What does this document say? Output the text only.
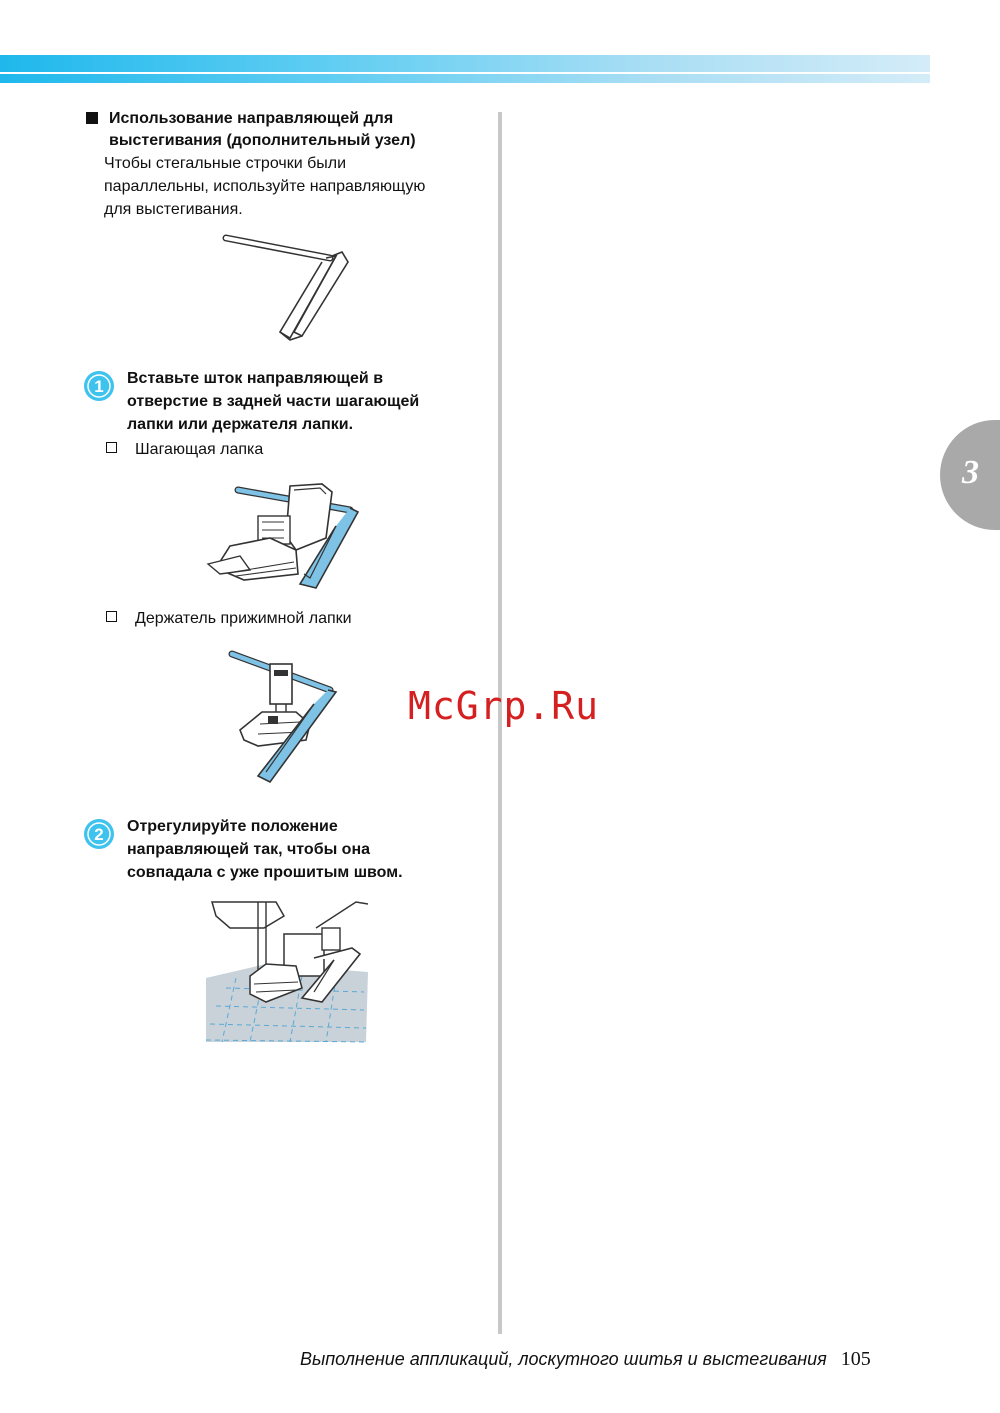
3
Использование направляющей для
выстегивания (дополнительный узел)
Чтобы стегальные строчки были
параллельны, используйте направляющую
для выстегивания.
1 Вставьте шток направляющей в
отверстие в задней части шагающей
лапки или держателя лапки.
Шагающая лапка
Держатель прижимной лапки
2 Отрегулируйте положение
направляющей так, чтобы она
совпадала с уже прошитым швом.
McGrp.Ru
Выполнение аппликаций, лоскутного шитья и выстегивания 105
